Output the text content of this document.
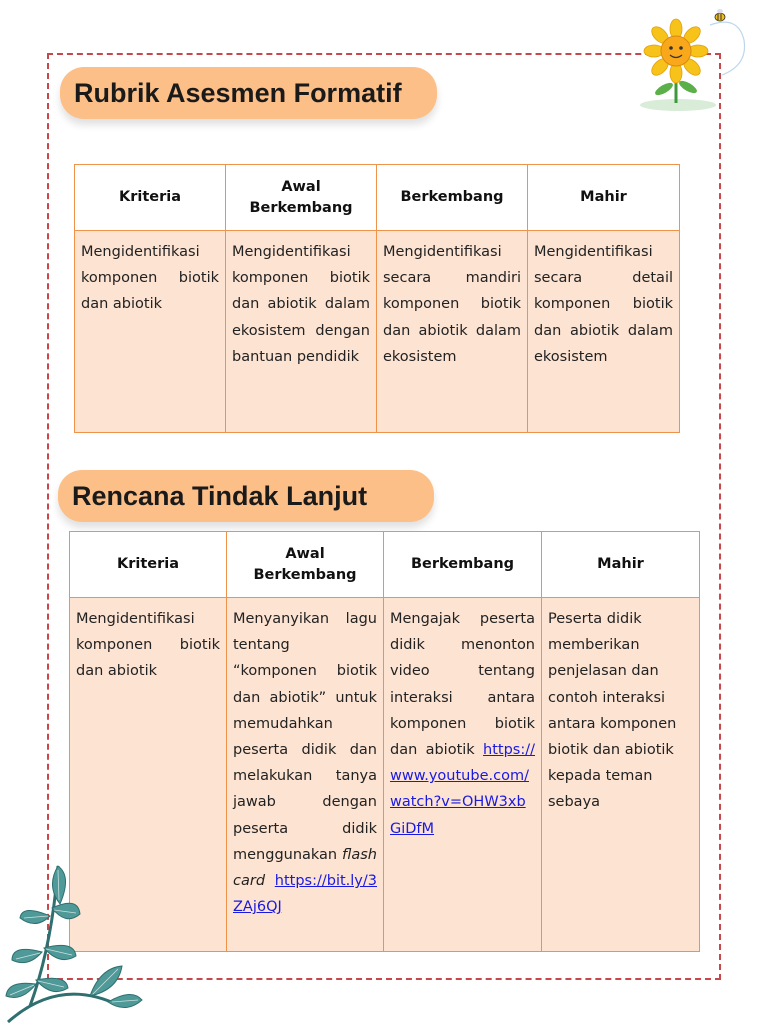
Rubrik Asesmen Formatif
Kriteria	Awal Berkembang	Berkembang	Mahir
Mengidentifikasi komponen biotik dan abiotik	Mengidentifikasi komponen biotik dan abiotik dalam ekosistem dengan bantuan pendidik	Mengidentifikasi secara mandiri komponen biotik dan abiotik dalam ekosistem	Mengidentifikasi secara detail komponen biotik dan abiotik dalam ekosistem
Rencana Tindak Lanjut
Kriteria	Awal Berkembang	Berkembang	Mahir
Mengidentifikasi komponen biotik dan abiotik	Menyanyikan lagu tentang “komponen biotik dan abiotik” untuk memudahkan peserta didik dan melakukan tanya jawab dengan peserta didik menggunakan flash card https://bit.ly/3ZAj6QJ	Mengajak peserta didik menonton video tentang interaksi antara komponen biotik dan abiotik https://www.youtube.com/watch?v=OHW3xbGiDfM	Peserta didik memberikan penjelasan dan contoh interaksi antara komponen biotik dan abiotik kepada teman sebaya
